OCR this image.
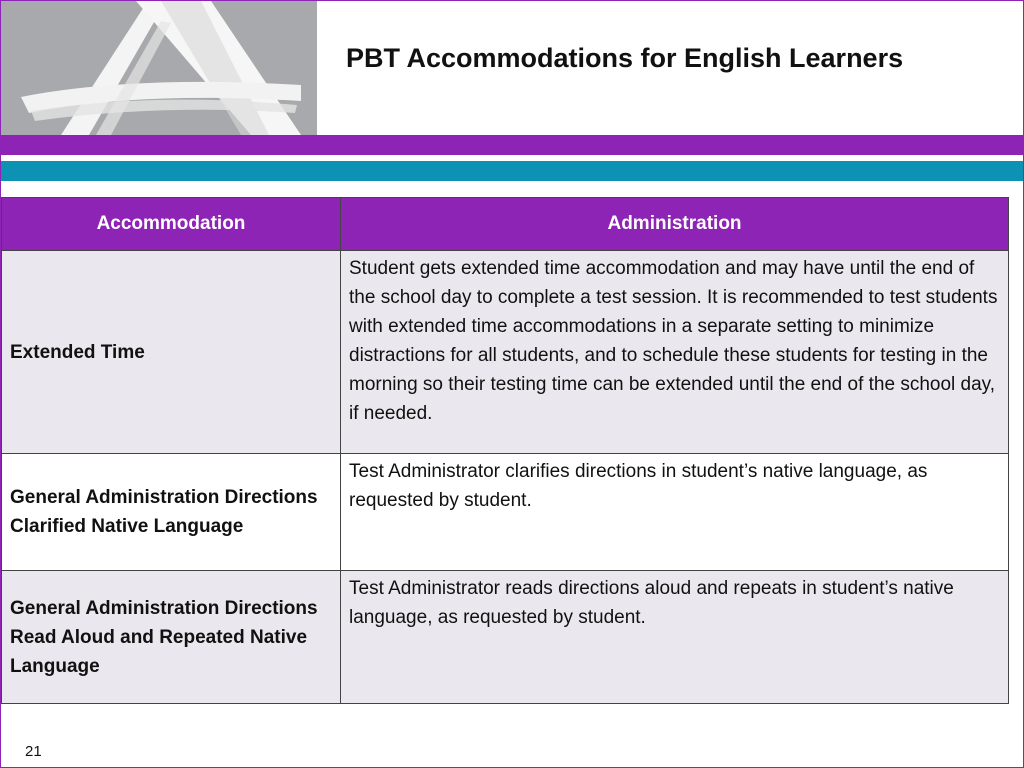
PBT Accommodations for English Learners
Accommodation	Administration
Extended Time	Student gets extended time accommodation and may have until the end of the school day to complete a test session. It is recommended to test students with extended time accommodations in a separate setting to minimize distractions for all students, and to schedule these students for testing in the morning so their testing time can be extended until the end of the school day, if needed.
General Administration Directions Clarified Native Language	Test Administrator clarifies directions in student’s native language, as requested by student.
General Administration Directions Read Aloud and Repeated Native Language	Test Administrator reads directions aloud and repeats in student’s native language, as requested by student.
21
